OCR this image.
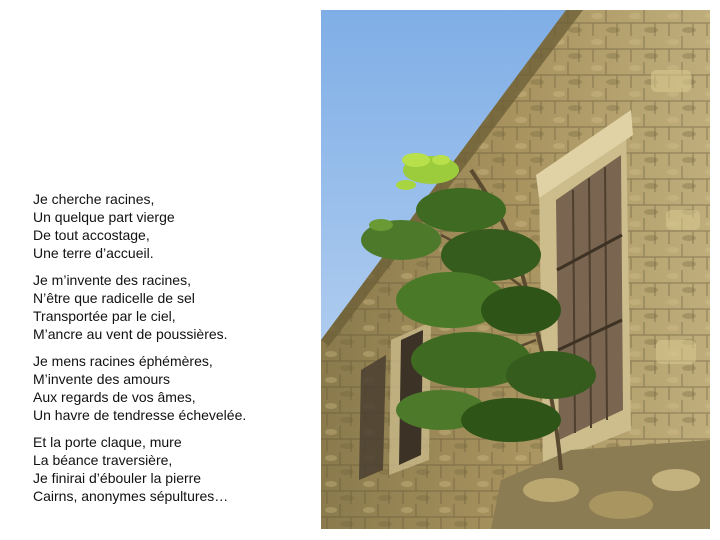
Je cherche racines,
Un quelque part vierge
De tout accostage,
Une terre d’accueil.
Je m’invente des racines,
N’être que radicelle de sel
Transportée par le ciel,
M’ancre au vent de poussières.
Je mens racines éphémères,
M’invente des amours
Aux regards de vos âmes,
Un havre de tendresse échevelée.
Et la porte claque, mure
La béance traversière,
Je finirai d’ébouler la pierre
Cairns, anonymes sépultures…
